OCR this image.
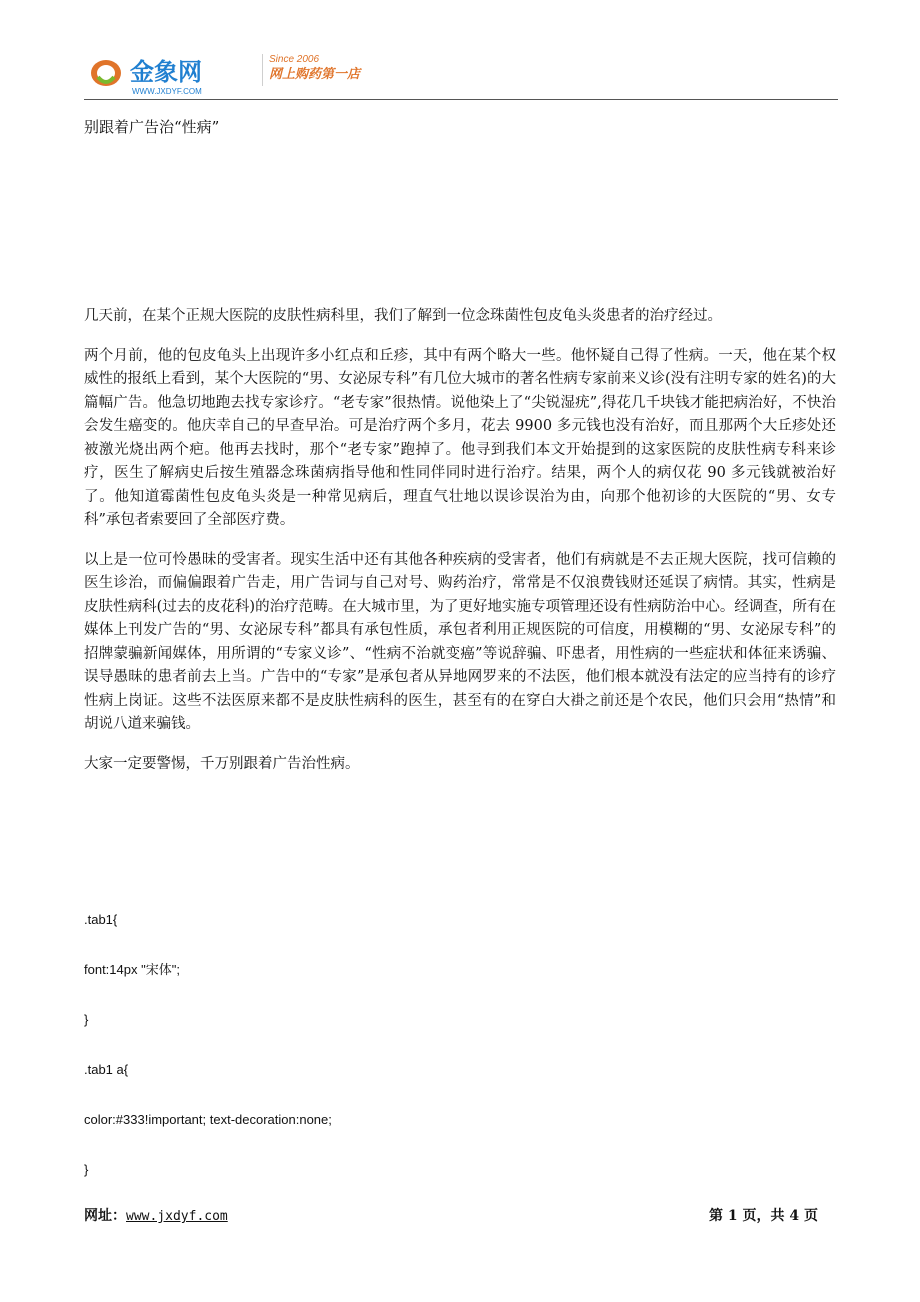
金象网
WWW.JXDYF.COM
Since 2006
网上购药第一店
别跟着广告治“性病”

几天前，在某个正规大医院的皮肤性病科里，我们了解到一位念珠菌性包皮龟头炎患者的治疗经过。

两个月前，他的包皮龟头上出现许多小红点和丘疹，其中有两个略大一些。他怀疑自己得了性病。一天，他在某个权威性的报纸上看到，某个大医院的“男、女泌尿专科”有几位大城市的著名性病专家前来义诊(没有注明专家的姓名)的大篇幅广告。他急切地跑去找专家诊疗。“老专家”很热情。说他染上了“尖锐湿疣”,得花几千块钱才能把病治好，不快治会发生癌变的。他庆幸自己的早查早治。可是治疗两个多月，花去 9900 多元钱也没有治好，而且那两个大丘疹处还被激光烧出两个疤。他再去找时，那个“老专家”跑掉了。他寻到我们本文开始提到的这家医院的皮肤性病专科来诊疗，医生了解病史后按生殖器念珠菌病指导他和性同伴同时进行治疗。结果，两个人的病仅花 90 多元钱就被治好了。他知道霉菌性包皮龟头炎是一种常见病后，理直气壮地以误诊误治为由，向那个他初诊的大医院的“男、女专科”承包者索要回了全部医疗费。

以上是一位可怜愚昧的受害者。现实生活中还有其他各种疾病的受害者，他们有病就是不去正规大医院，找可信赖的医生诊治，而偏偏跟着广告走，用广告词与自己对号、购药治疗，常常是不仅浪费钱财还延误了病情。其实，性病是皮肤性病科(过去的皮花科)的治疗范畴。在大城市里，为了更好地实施专项管理还设有性病防治中心。经调查，所有在媒体上刊发广告的“男、女泌尿专科”都具有承包性质，承包者利用正规医院的可信度，用模糊的“男、女泌尿专科”的招牌蒙骗新闻媒体，用所谓的“专家义诊”、“性病不治就变癌”等说辞骗、吓患者，用性病的一些症状和体征来诱骗、误导愚昧的患者前去上当。广告中的“专家”是承包者从异地网罗来的不法医，他们根本就没有法定的应当持有的诊疗性病上岗证。这些不法医原来都不是皮肤性病科的医生，甚至有的在穿白大褂之前还是个农民，他们只会用“热情”和胡说八道来骗钱。

大家一定要警惕，千万别跟着广告治性病。

.tab1{
font:14px "宋体";
}
.tab1 a{
color:#333!important; text-decoration:none;
}
网址：www.jxdyf.com	第 1 页，共 4 页
